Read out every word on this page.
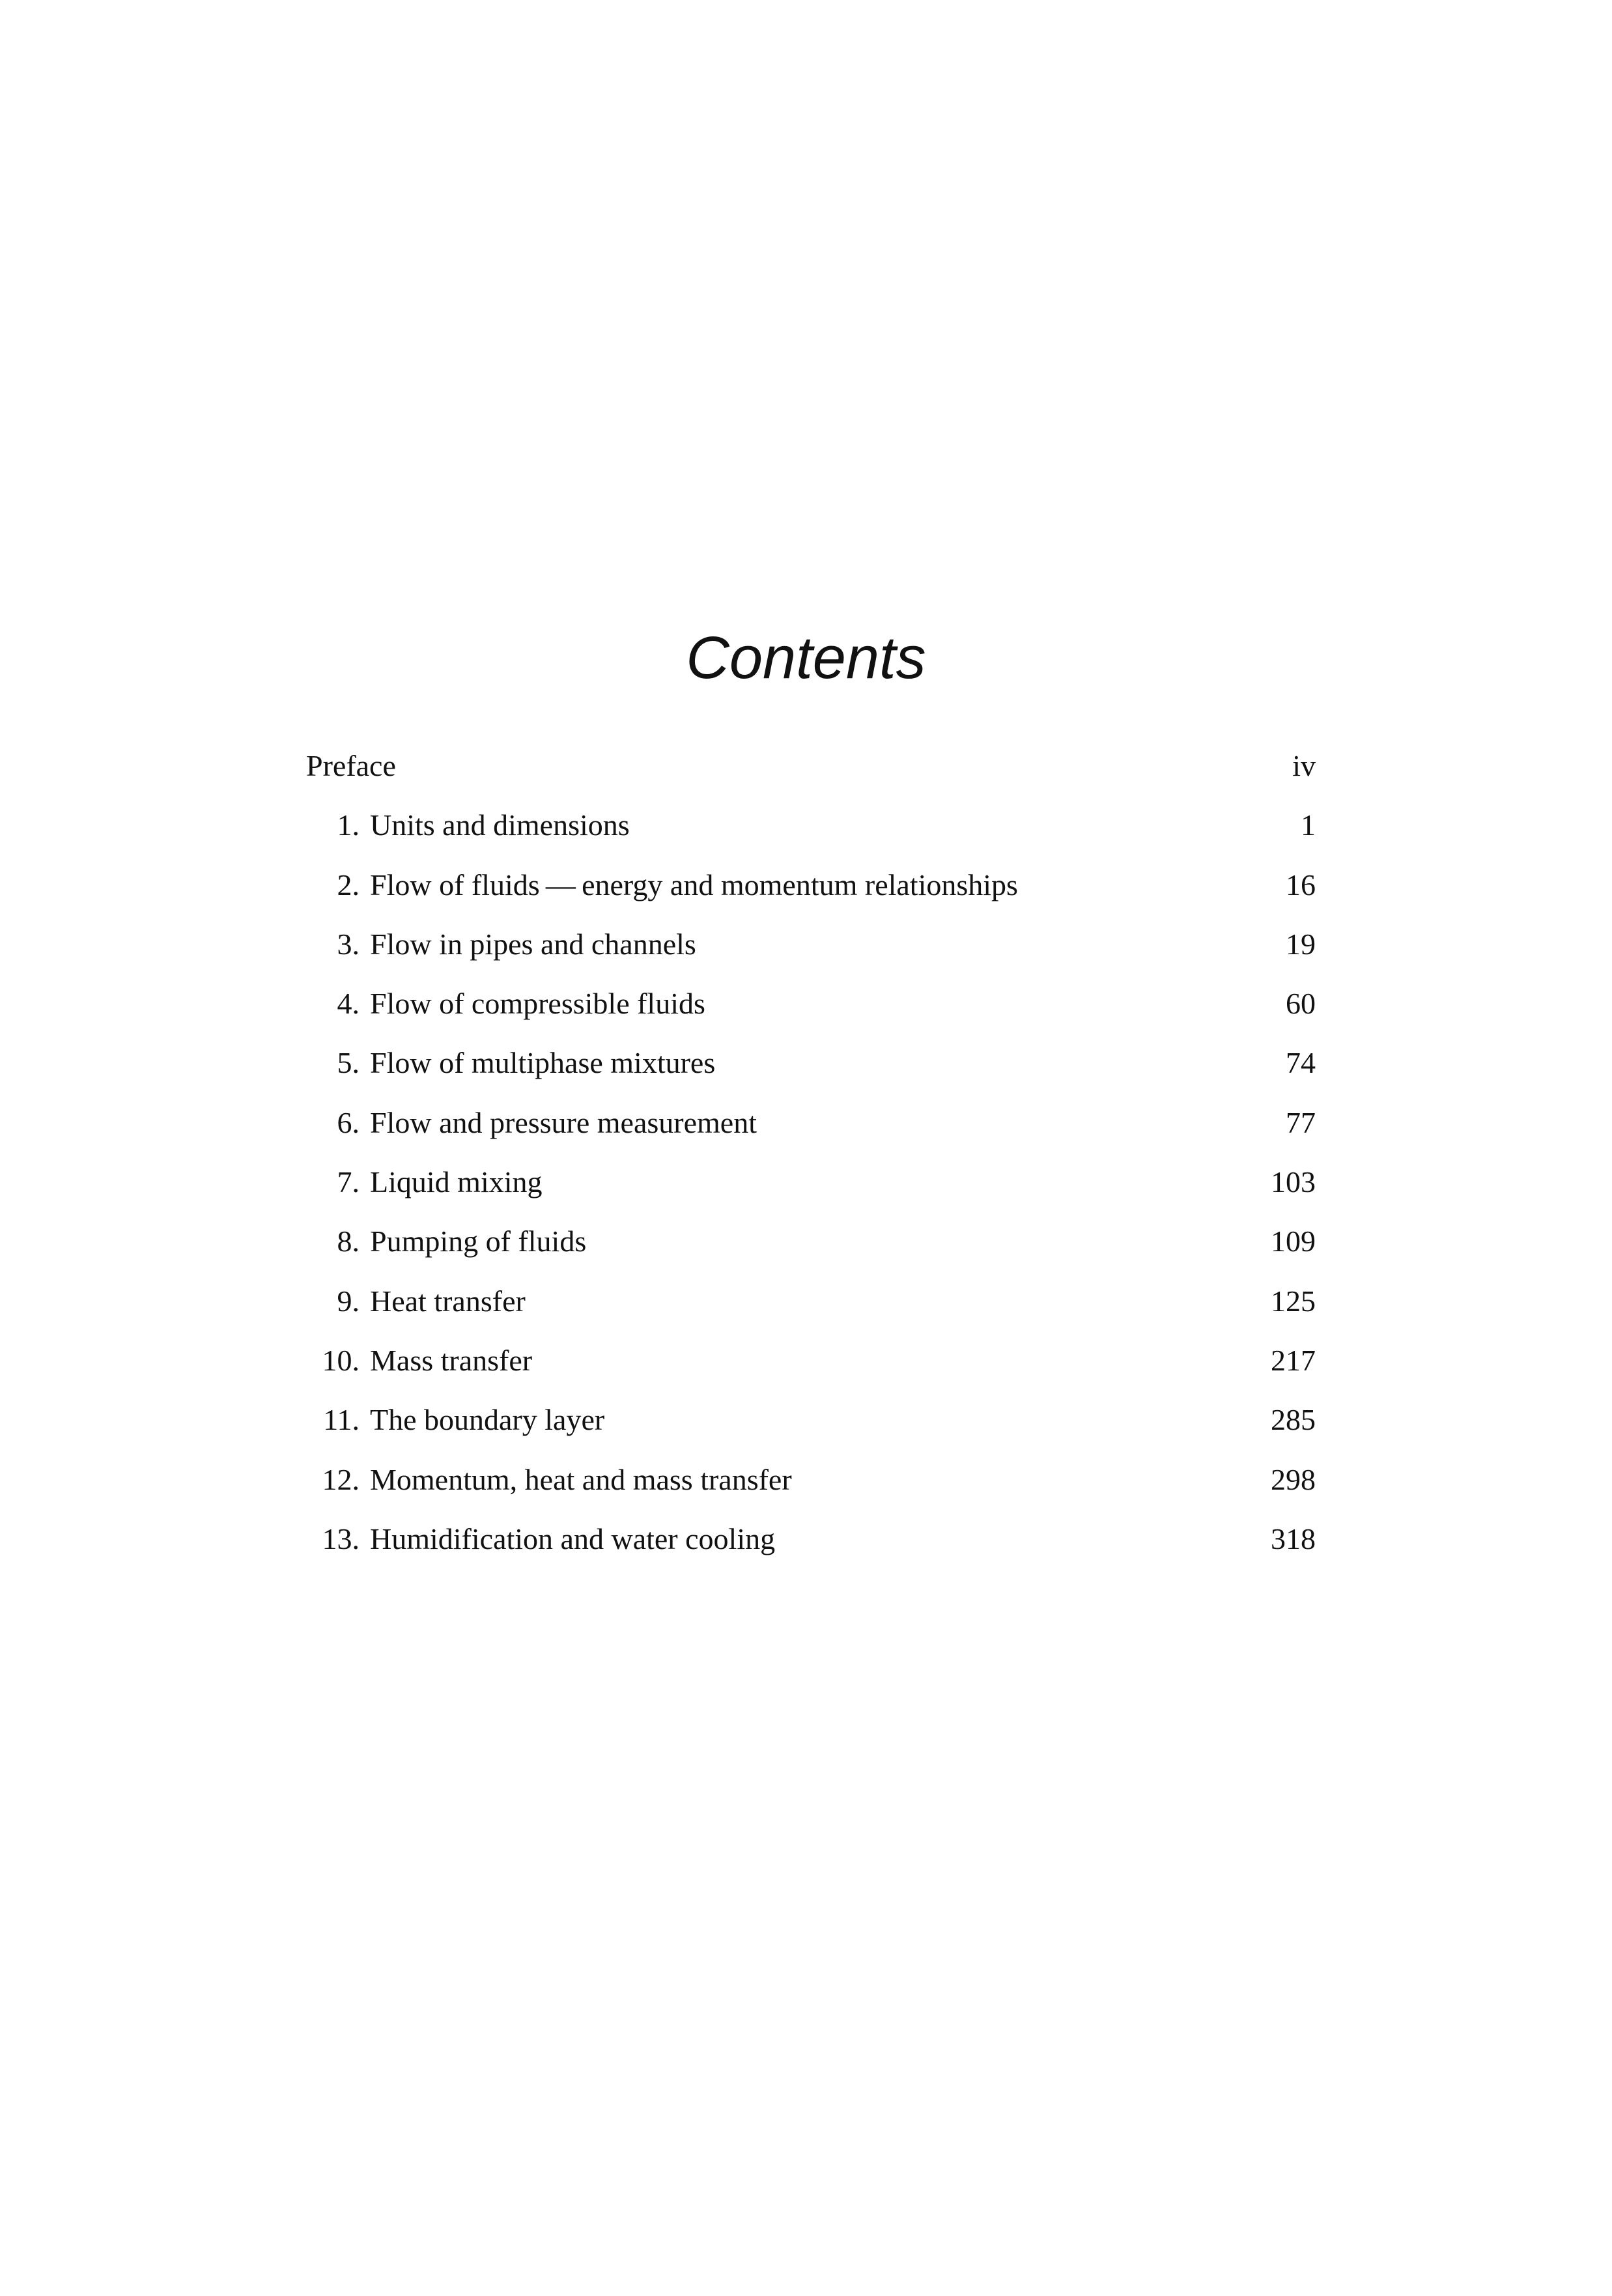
Contents
Preface	iv
1. Units and dimensions	1
2. Flow of fluids — energy and momentum relationships	16
3. Flow in pipes and channels	19
4. Flow of compressible fluids	60
5. Flow of multiphase mixtures	74
6. Flow and pressure measurement	77
7. Liquid mixing	103
8. Pumping of fluids	109
9. Heat transfer	125
10. Mass transfer	217
11. The boundary layer	285
12. Momentum, heat and mass transfer	298
13. Humidification and water cooling	318
